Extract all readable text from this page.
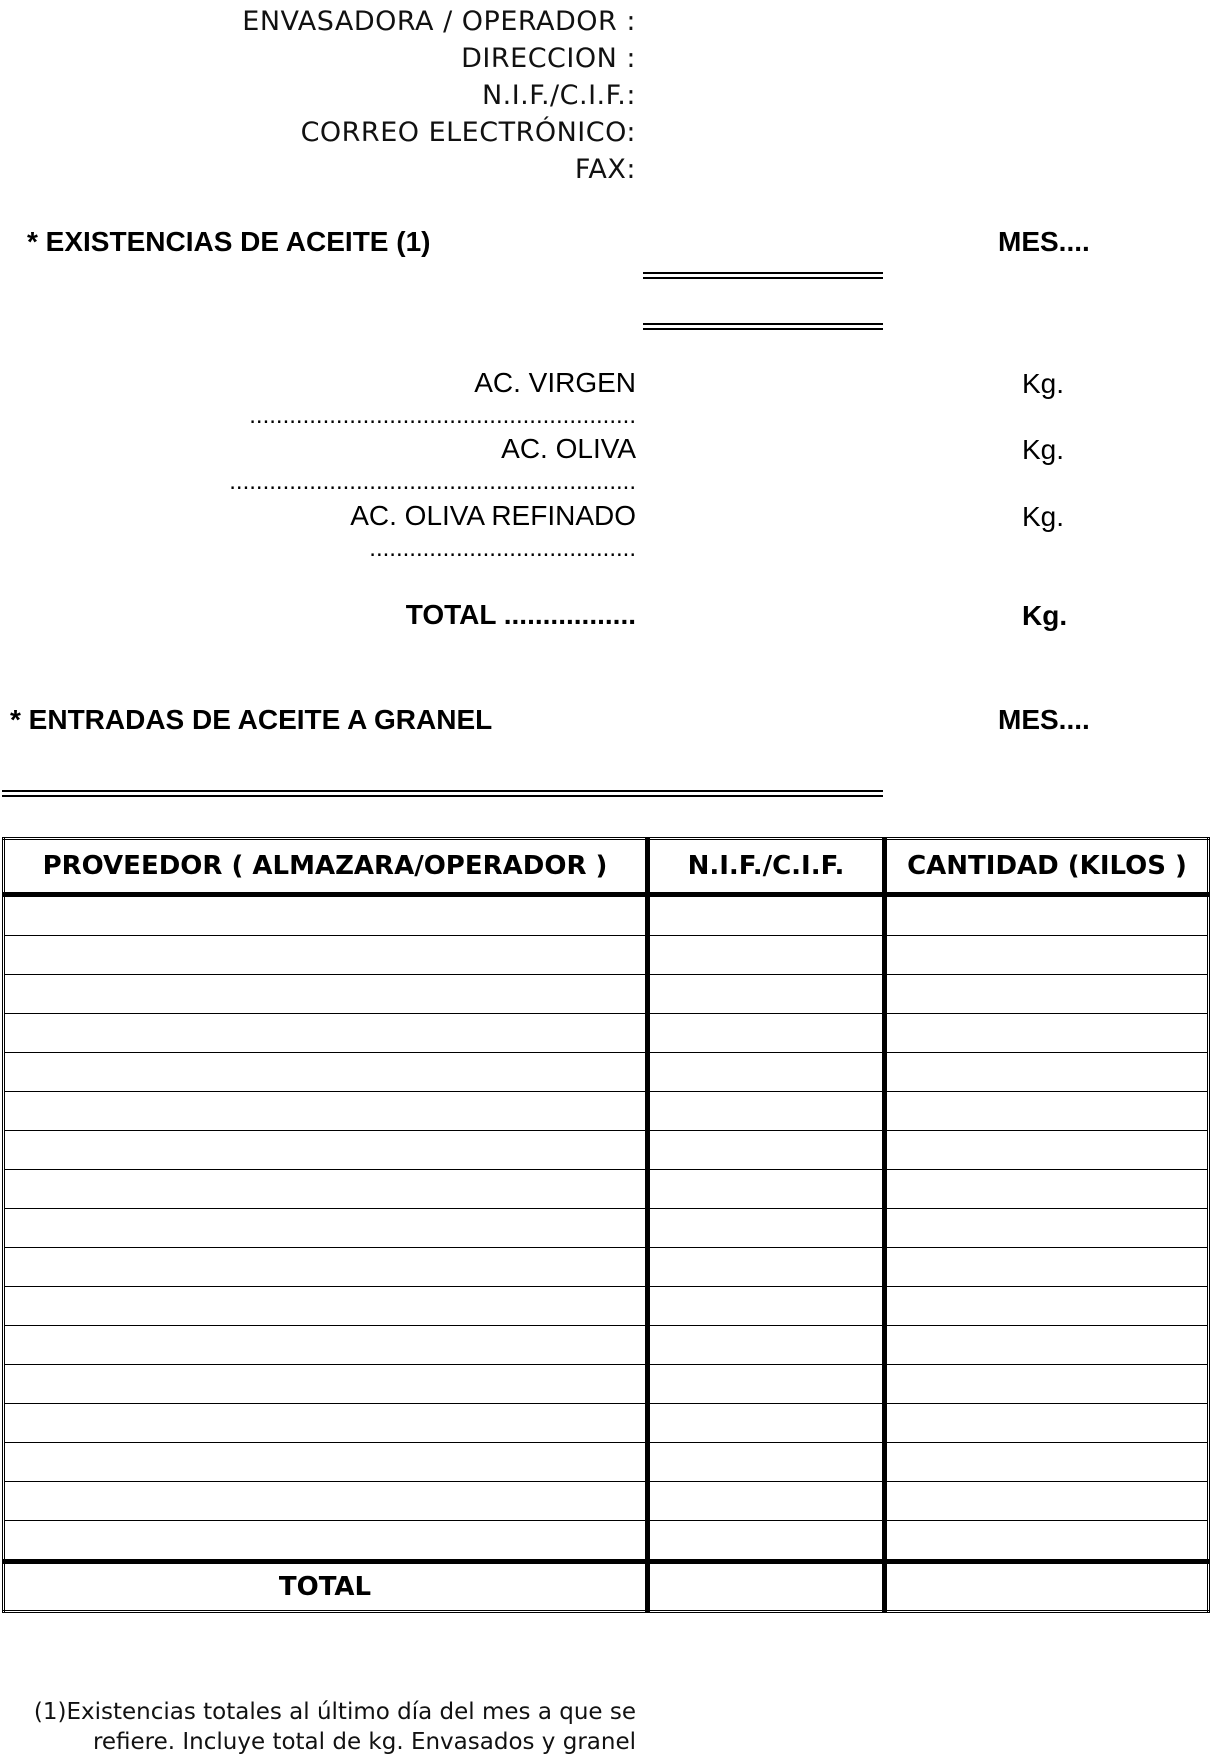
ENVASADORA / OPERADOR :
DIRECCION :
N.I.F./C.I.F.:
CORREO ELECTRÓNICO:
FAX:
* EXISTENCIAS DE ACEITE (1)	MES....
AC. VIRGEN
..........................................................
Kg.
AC. OLIVA
.............................................................
Kg.
AC. OLIVA REFINADO
........................................
Kg.
TOTAL .................	Kg.
* ENTRADAS DE ACEITE A GRANEL	MES....
PROVEEDOR ( ALMAZARA/OPERADOR )	N.I.F./C.I.F.	CANTIDAD (KILOS )

TOTAL		
(1)Existencias totales al último día del mes a que se
refiere. Incluye total de kg. Envasados y granel
